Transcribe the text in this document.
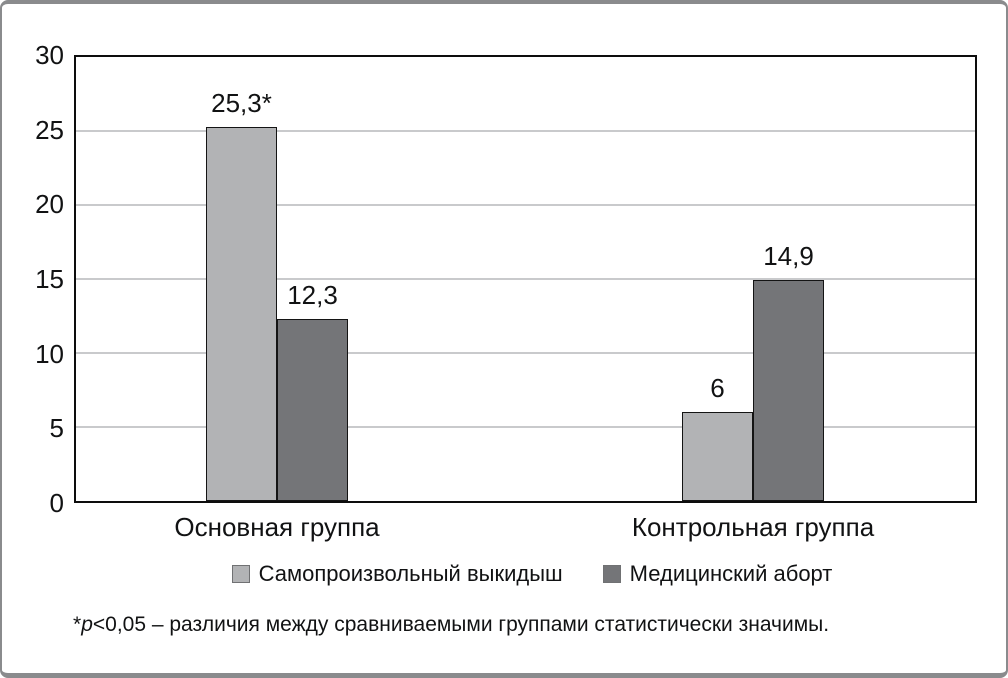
25,3*
12,3
6
14,9
Самопроизвольный выкидыш	Медицинский аборт
*p<0,05 – различия между сравниваемыми группами статистически значимы.
Основная группа	Контрольная группа
0
5
10
15
20
25
30
